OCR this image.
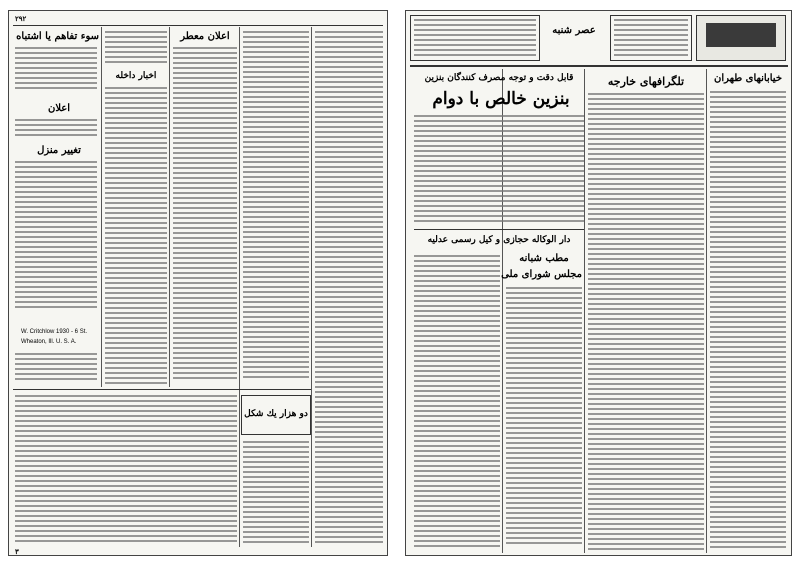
۲۹۲
سوء تفاهم یا اشتباه
اعلان
تغییر منزل
W. Critchlow 1930 - 6 St.
Wheaton, Ill. U. S. A.
اخبار داخله
اعلان معطر
دو هزار یك شكل
۳
عصر شنبه
خیابانهای طهران
قابل دقت و توجه مصرف کنندگان بنزین
بنزین خالص با دوام
تلگرافهای خارجه
دار الوكاله حجازی و كيل رسمی عدليه
مطب شبانه
مجلس شورای ملی
